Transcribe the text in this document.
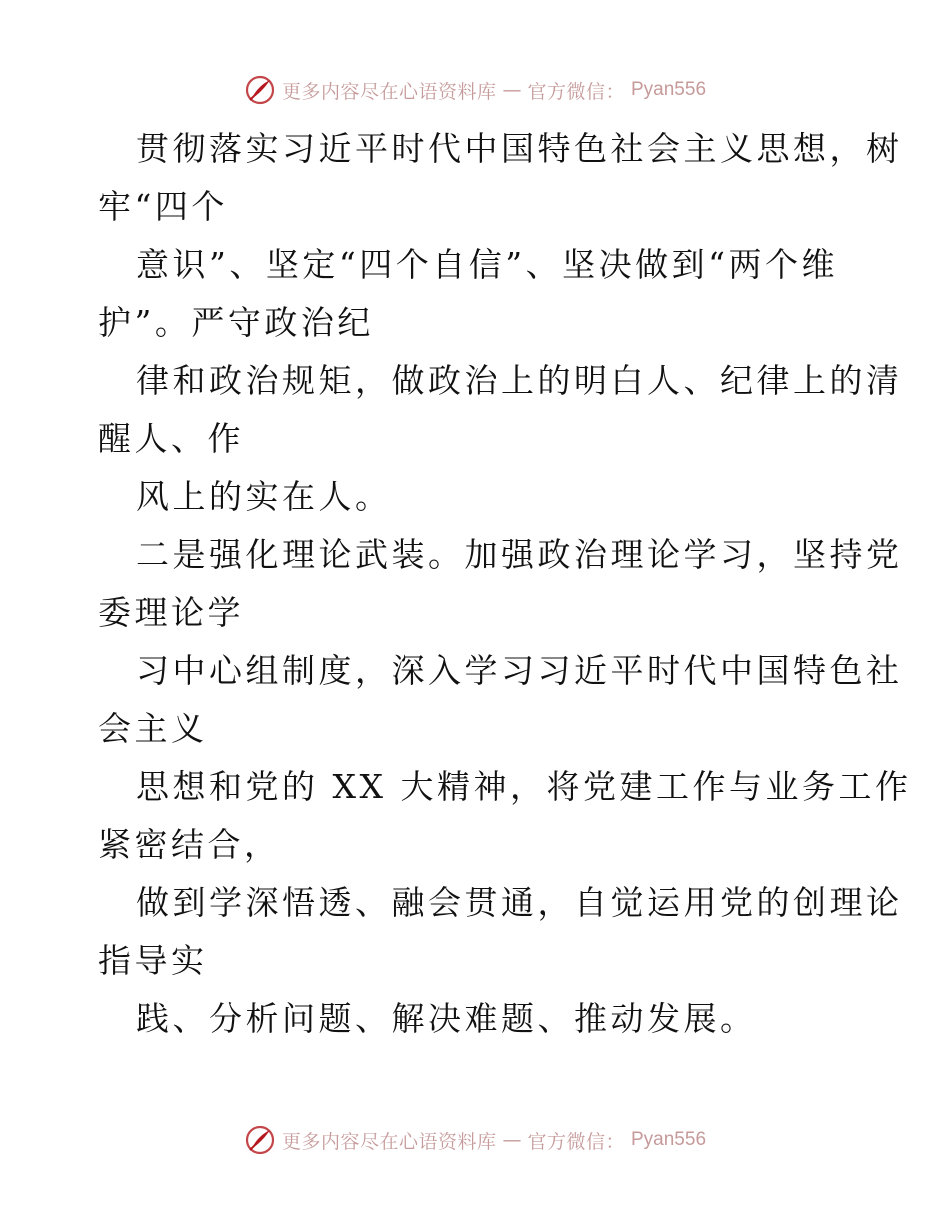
更多内容尽在心语资料库 — 官方微信： Pyan556
贯彻落实习近平时代中国特色社会主义思想，树
牢“四个
意识”、坚定“四个自信”、坚决做到“两个维
护”。严守政治纪
律和政治规矩，做政治上的明白人、纪律上的清
醒人、作
风上的实在人。
二是强化理论武装。加强政治理论学习，坚持党
委理论学
习中心组制度，深入学习习近平时代中国特色社
会主义
思想和党的 XX 大精神，将党建工作与业务工作
紧密结合，
做到学深悟透、融会贯通，自觉运用党的创理论
指导实
践、分析问题、解决难题、推动发展。
更多内容尽在心语资料库 — 官方微信： Pyan556
